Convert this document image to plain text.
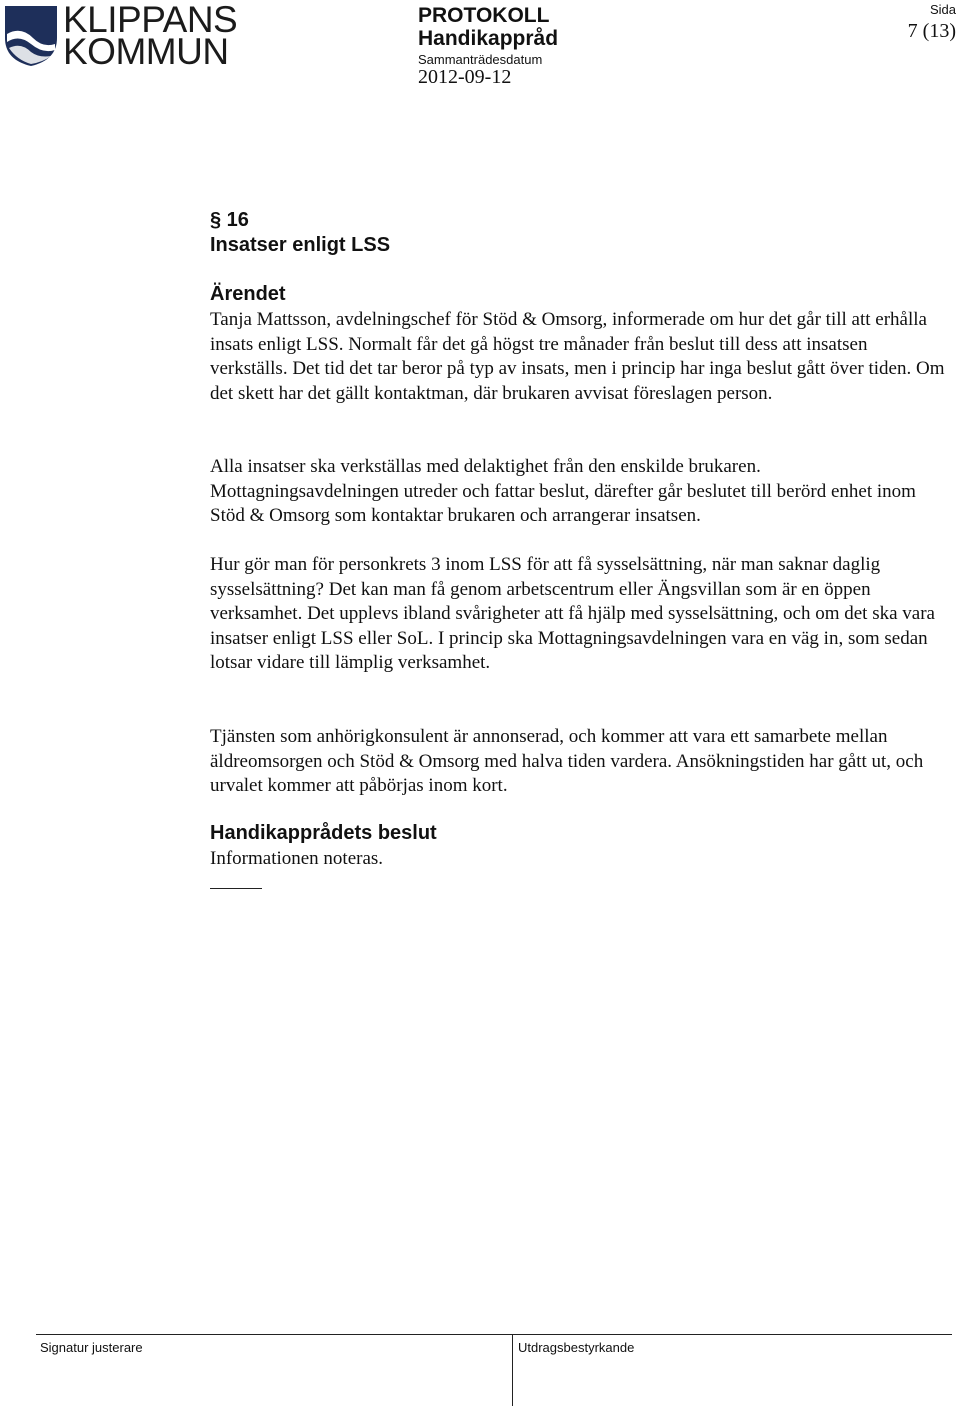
KLIPPANS
KOMMUN
PROTOKOLL
Handikappråd
Sammanträdesdatum
2012-09-12
Sida
7 (13)
§ 16
Insatser enligt LSS
Ärendet

Tanja Mattsson, avdelningschef för Stöd & Omsorg, informerade om hur det går till att erhålla insats enligt LSS. Normalt får det gå högst tre månader från beslut till dess att insatsen verkställs. Det tid det tar beror på typ av insats, men i princip har inga beslut gått över tiden. Om det skett har det gällt kontaktman, där brukaren avvisat föreslagen person.

Alla insatser ska verkställas med delaktighet från den enskilde brukaren. Mottagningsavdelningen utreder och fattar beslut, därefter går beslutet till berörd enhet inom Stöd & Omsorg som kontaktar brukaren och arrangerar insatsen.

Hur gör man för personkrets 3 inom LSS för att få sysselsättning, när man saknar daglig sysselsättning? Det kan man få genom arbetscentrum eller Ängsvillan som är en öppen verksamhet. Det upplevs ibland svårigheter att få hjälp med sysselsättning, och om det ska vara insatser enligt LSS eller SoL. I princip ska Mottagningsavdelningen vara en väg in, som sedan lotsar vidare till lämplig verksamhet.

Tjänsten som anhörigkonsulent är annonserad, och kommer att vara ett samarbete mellan äldreomsorgen och Stöd & Omsorg med halva tiden vardera. Ansökningstiden har gått ut, och urvalet kommer att påbörjas inom kort.

Handikapprådets beslut

Informationen noteras.

Signatur justerare	Utdragsbestyrkande
